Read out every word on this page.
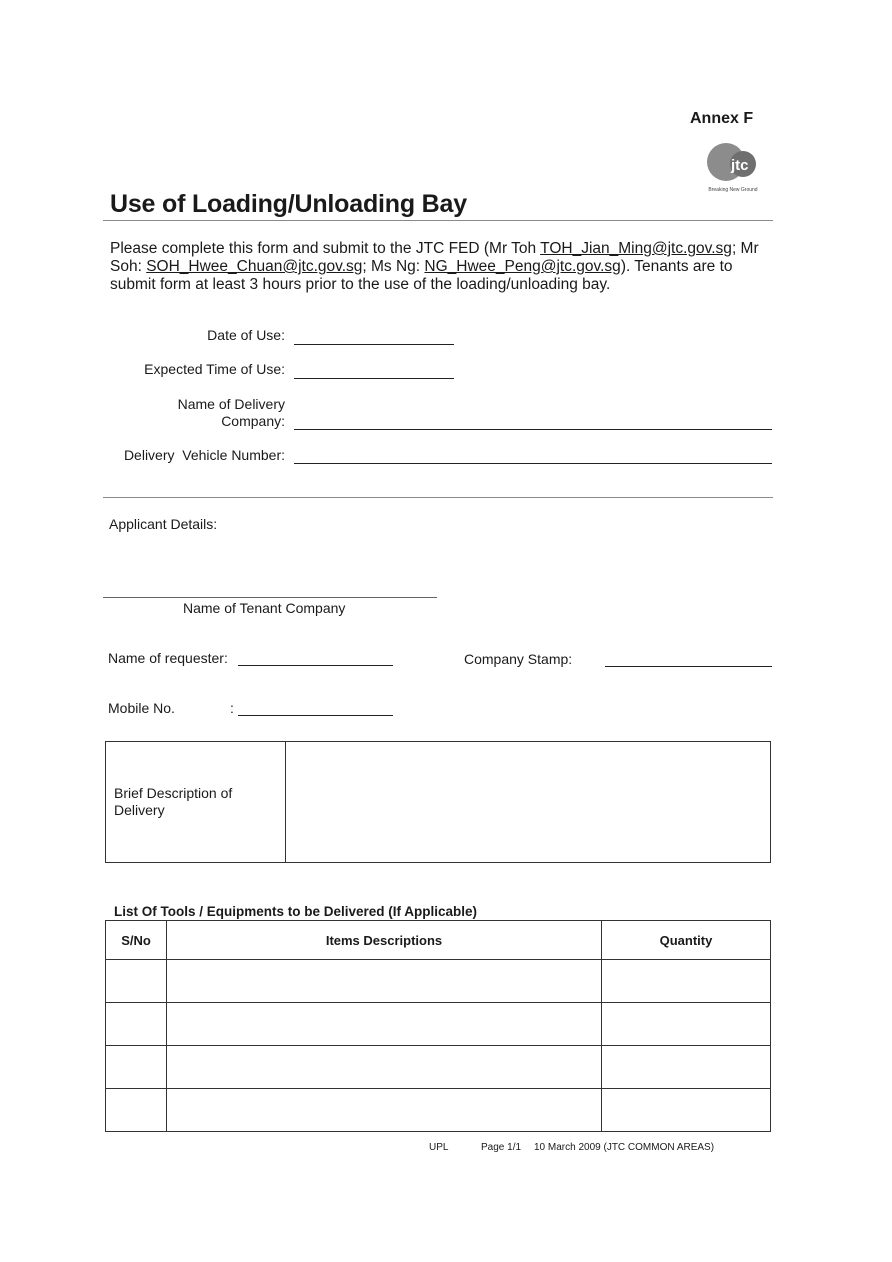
Annex F
jtc
Breaking New Ground
Use of Loading/Unloading Bay
Please complete this form and submit to the JTC FED (Mr Toh TOH_Jian_Ming@jtc.gov.sg; Mr Soh: SOH_Hwee_Chuan@jtc.gov.sg; Ms Ng: NG_Hwee_Peng@jtc.gov.sg). Tenants are to submit form at least 3 hours prior to the use of the loading/unloading bay.
Date of Use:
Expected Time of Use:
Name of Delivery
Company:
Delivery  Vehicle Number:
Applicant Details:
Name of Tenant Company
Name of requester:	Company Stamp:
Mobile No.	:
Brief Description of
Delivery

List Of Tools / Equipments to be Delivered (If Applicable)
S/No	Items Descriptions	Quantity

UPL	Page 1/1 10 March 2009 (JTC COMMON AREAS)
